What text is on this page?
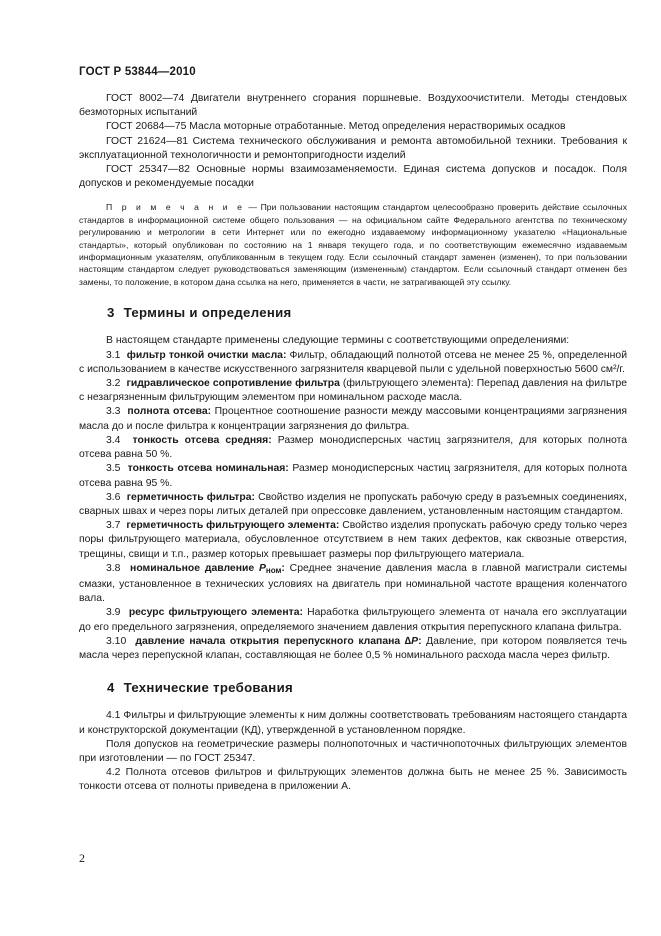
ГОСТ Р 53844—2010

ГОСТ 8002—74 Двигатели внутреннего сгорания поршневые. Воздухоочистители. Методы стендовых безмоторных испытаний

ГОСТ 20684—75 Масла моторные отработанные. Метод определения нерастворимых осадков

ГОСТ 21624—81 Система технического обслуживания и ремонта автомобильной техники. Требования к эксплуатационной технологичности и ремонтопригодности изделий

ГОСТ 25347—82 Основные нормы взаимозаменяемости. Единая система допусков и посадок. Поля допусков и рекомендуемые посадки

П р и м е ч а н и е — При пользовании настоящим стандартом целесообразно проверить действие ссылочных стандартов в информационной системе общего пользования — на официальном сайте Федерального агентства по техническому регулированию и метрологии в сети Интернет или по ежегодно издаваемому информационному указателю «Национальные стандарты», который опубликован по состоянию на 1 января текущего года, и по соответствующим ежемесячно издаваемым информационным указателям, опубликованным в текущем году. Если ссылочный стандарт заменен (изменен), то при пользовании настоящим стандартом следует руководствоваться заменяющим (измененным) стандартом. Если ссылочный стандарт отменен без замены, то положение, в котором дана ссылка на него, применяется в части, не затрагивающей эту ссылку.
3 Термины и определения

В настоящем стандарте применены следующие термины с соответствующими определениями:

3.1 фильтр тонкой очистки масла: Фильтр, обладающий полнотой отсева не менее 25 %, определенной с использованием в качестве искусственного загрязнителя кварцевой пыли с удельной поверхностью 5600 см²/г.

3.2 гидравлическое сопротивление фильтра (фильтрующего элемента): Перепад давления на фильтре с незагрязненным фильтрующим элементом при номинальном расходе масла.

3.3 полнота отсева: Процентное соотношение разности между массовыми концентрациями загрязнения масла до и после фильтра к концентрации загрязнения до фильтра.

3.4 тонкость отсева средняя: Размер монодисперсных частиц загрязнителя, для которых полнота отсева равна 50 %.

3.5 тонкость отсева номинальная: Размер монодисперсных частиц загрязнителя, для которых полнота отсева равна 95 %.

3.6 герметичность фильтра: Свойство изделия не пропускать рабочую среду в разъемных соединениях, сварных швах и через поры литых деталей при опрессовке давлением, установленным настоящим стандартом.

3.7 герметичность фильтрующего элемента: Свойство изделия пропускать рабочую среду только через поры фильтрующего материала, обусловленное отсутствием в нем таких дефектов, как сквозные отверстия, трещины, свищи и т.п., размер которых превышает размеры пор фильтрующего материала.

3.8 номинальное давление $P_{ном}$: Среднее значение давления масла в главной магистрали системы смазки, установленное в технических условиях на двигатель при номинальной частоте вращения коленчатого вала.

3.9 ресурс фильтрующего элемента: Наработка фильтрующего элемента от начала его эксплуатации до его предельного загрязнения, определяемого значением давления открытия перепускного клапана фильтра.

3.10 давление начала открытия перепускного клапана ∆P: Давление, при котором появляется течь масла через перепускной клапан, составляющая не более 0,5 % номинального расхода масла через фильтр.

4 Технические требования

4.1 Фильтры и фильтрующие элементы к ним должны соответствовать требованиям настоящего стандарта и конструкторской документации (КД), утвержденной в установленном порядке.

Поля допусков на геометрические размеры полнопоточных и частичнопоточных фильтрующих элементов при изготовлении — по ГОСТ 25347.

4.2 Полнота отсевов фильтров и фильтрующих элементов должна быть не менее 25 %. Зависимость тонкости отсева от полноты приведена в приложении А.

2
